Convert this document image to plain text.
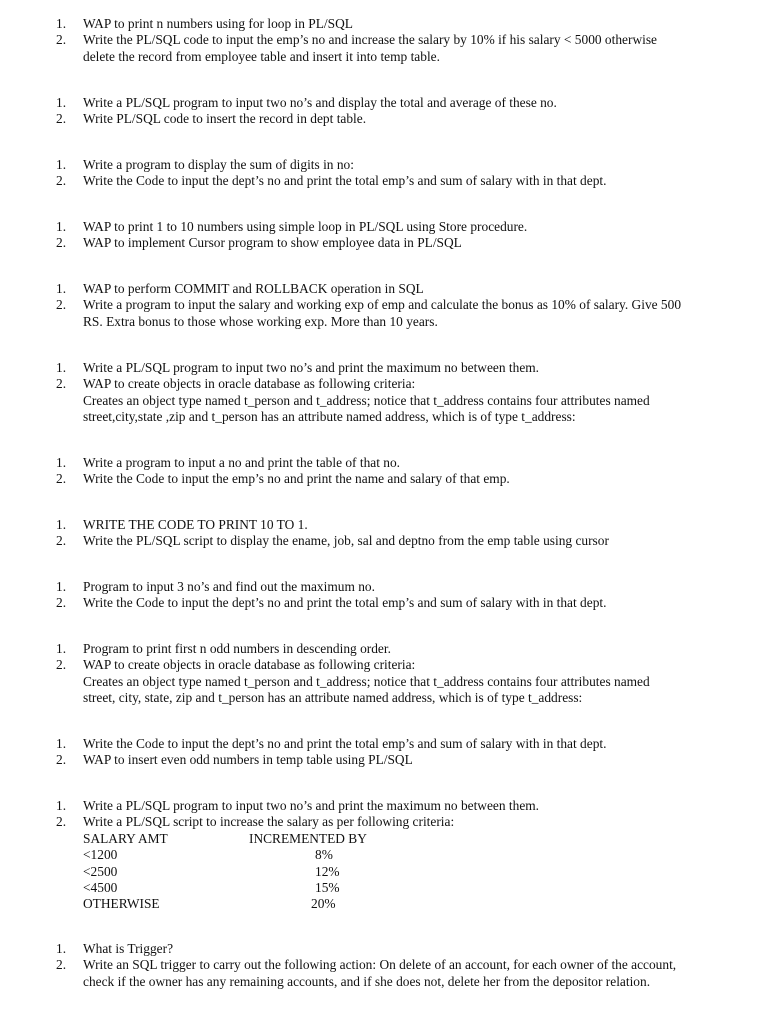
1. WAP to print n numbers using for loop in PL/SQL
2. Write the PL/SQL code to input the emp’s no and increase the salary by 10% if his salary < 5000 otherwise
delete the record from employee table and insert it into temp table.
1. Write a PL/SQL program to input two no’s and display the total and average of these no.
2. Write PL/SQL code to insert the record in dept table.
1. Write a program to display the sum of digits in no:
2. Write the Code to input the dept’s no and print the total emp’s and sum of salary with in that dept.
1. WAP to print 1 to 10 numbers using simple loop in PL/SQL using Store procedure.
2. WAP to implement Cursor program to show employee data in PL/SQL
1. WAP to perform COMMIT and ROLLBACK operation in SQL
2. Write a program to input the salary and working exp of emp and calculate the bonus as 10% of salary. Give 500
RS. Extra bonus to those whose working exp. More than 10 years.
1. Write a PL/SQL program to input two no’s and print the maximum no between them.
2. WAP to create objects in oracle database as following criteria:
Creates an object type named t_person and t_address; notice that t_address contains four attributes named
street,city,state ,zip and t_person has an attribute named address, which is of type t_address:
1. Write a program to input a no and print the table of that no.
2. Write the Code to input the emp’s no and print the name and salary of that emp.
1. WRITE THE CODE TO PRINT 10 TO 1.
2. Write the PL/SQL script to display the ename, job, sal and deptno from the emp table using cursor
1. Program to input 3 no’s and find out the maximum no.
2. Write the Code to input the dept’s no and print the total emp’s and sum of salary with in that dept.
1. Program to print first n odd numbers in descending order.
2. WAP to create objects in oracle database as following criteria:
Creates an object type named t_person and t_address; notice that t_address contains four attributes named
street, city, state, zip and t_person has an attribute named address, which is of type t_address:
1. Write the Code to input the dept’s no and print the total emp’s and sum of salary with in that dept.
2. WAP to insert even odd numbers in temp table using PL/SQL
1. Write a PL/SQL program to input two no’s and print the maximum no between them.
2. Write a PL/SQL script to increase the salary as per following criteria:
SALARY AMT	INCREMENTED BY
<1200	8%
<2500	12%
<4500	15%
OTHERWISE	20%
1. What is Trigger?
2. Write an SQL trigger to carry out the following action: On delete of an account, for each owner of the account,
check if the owner has any remaining accounts, and if she does not, delete her from the depositor relation.
